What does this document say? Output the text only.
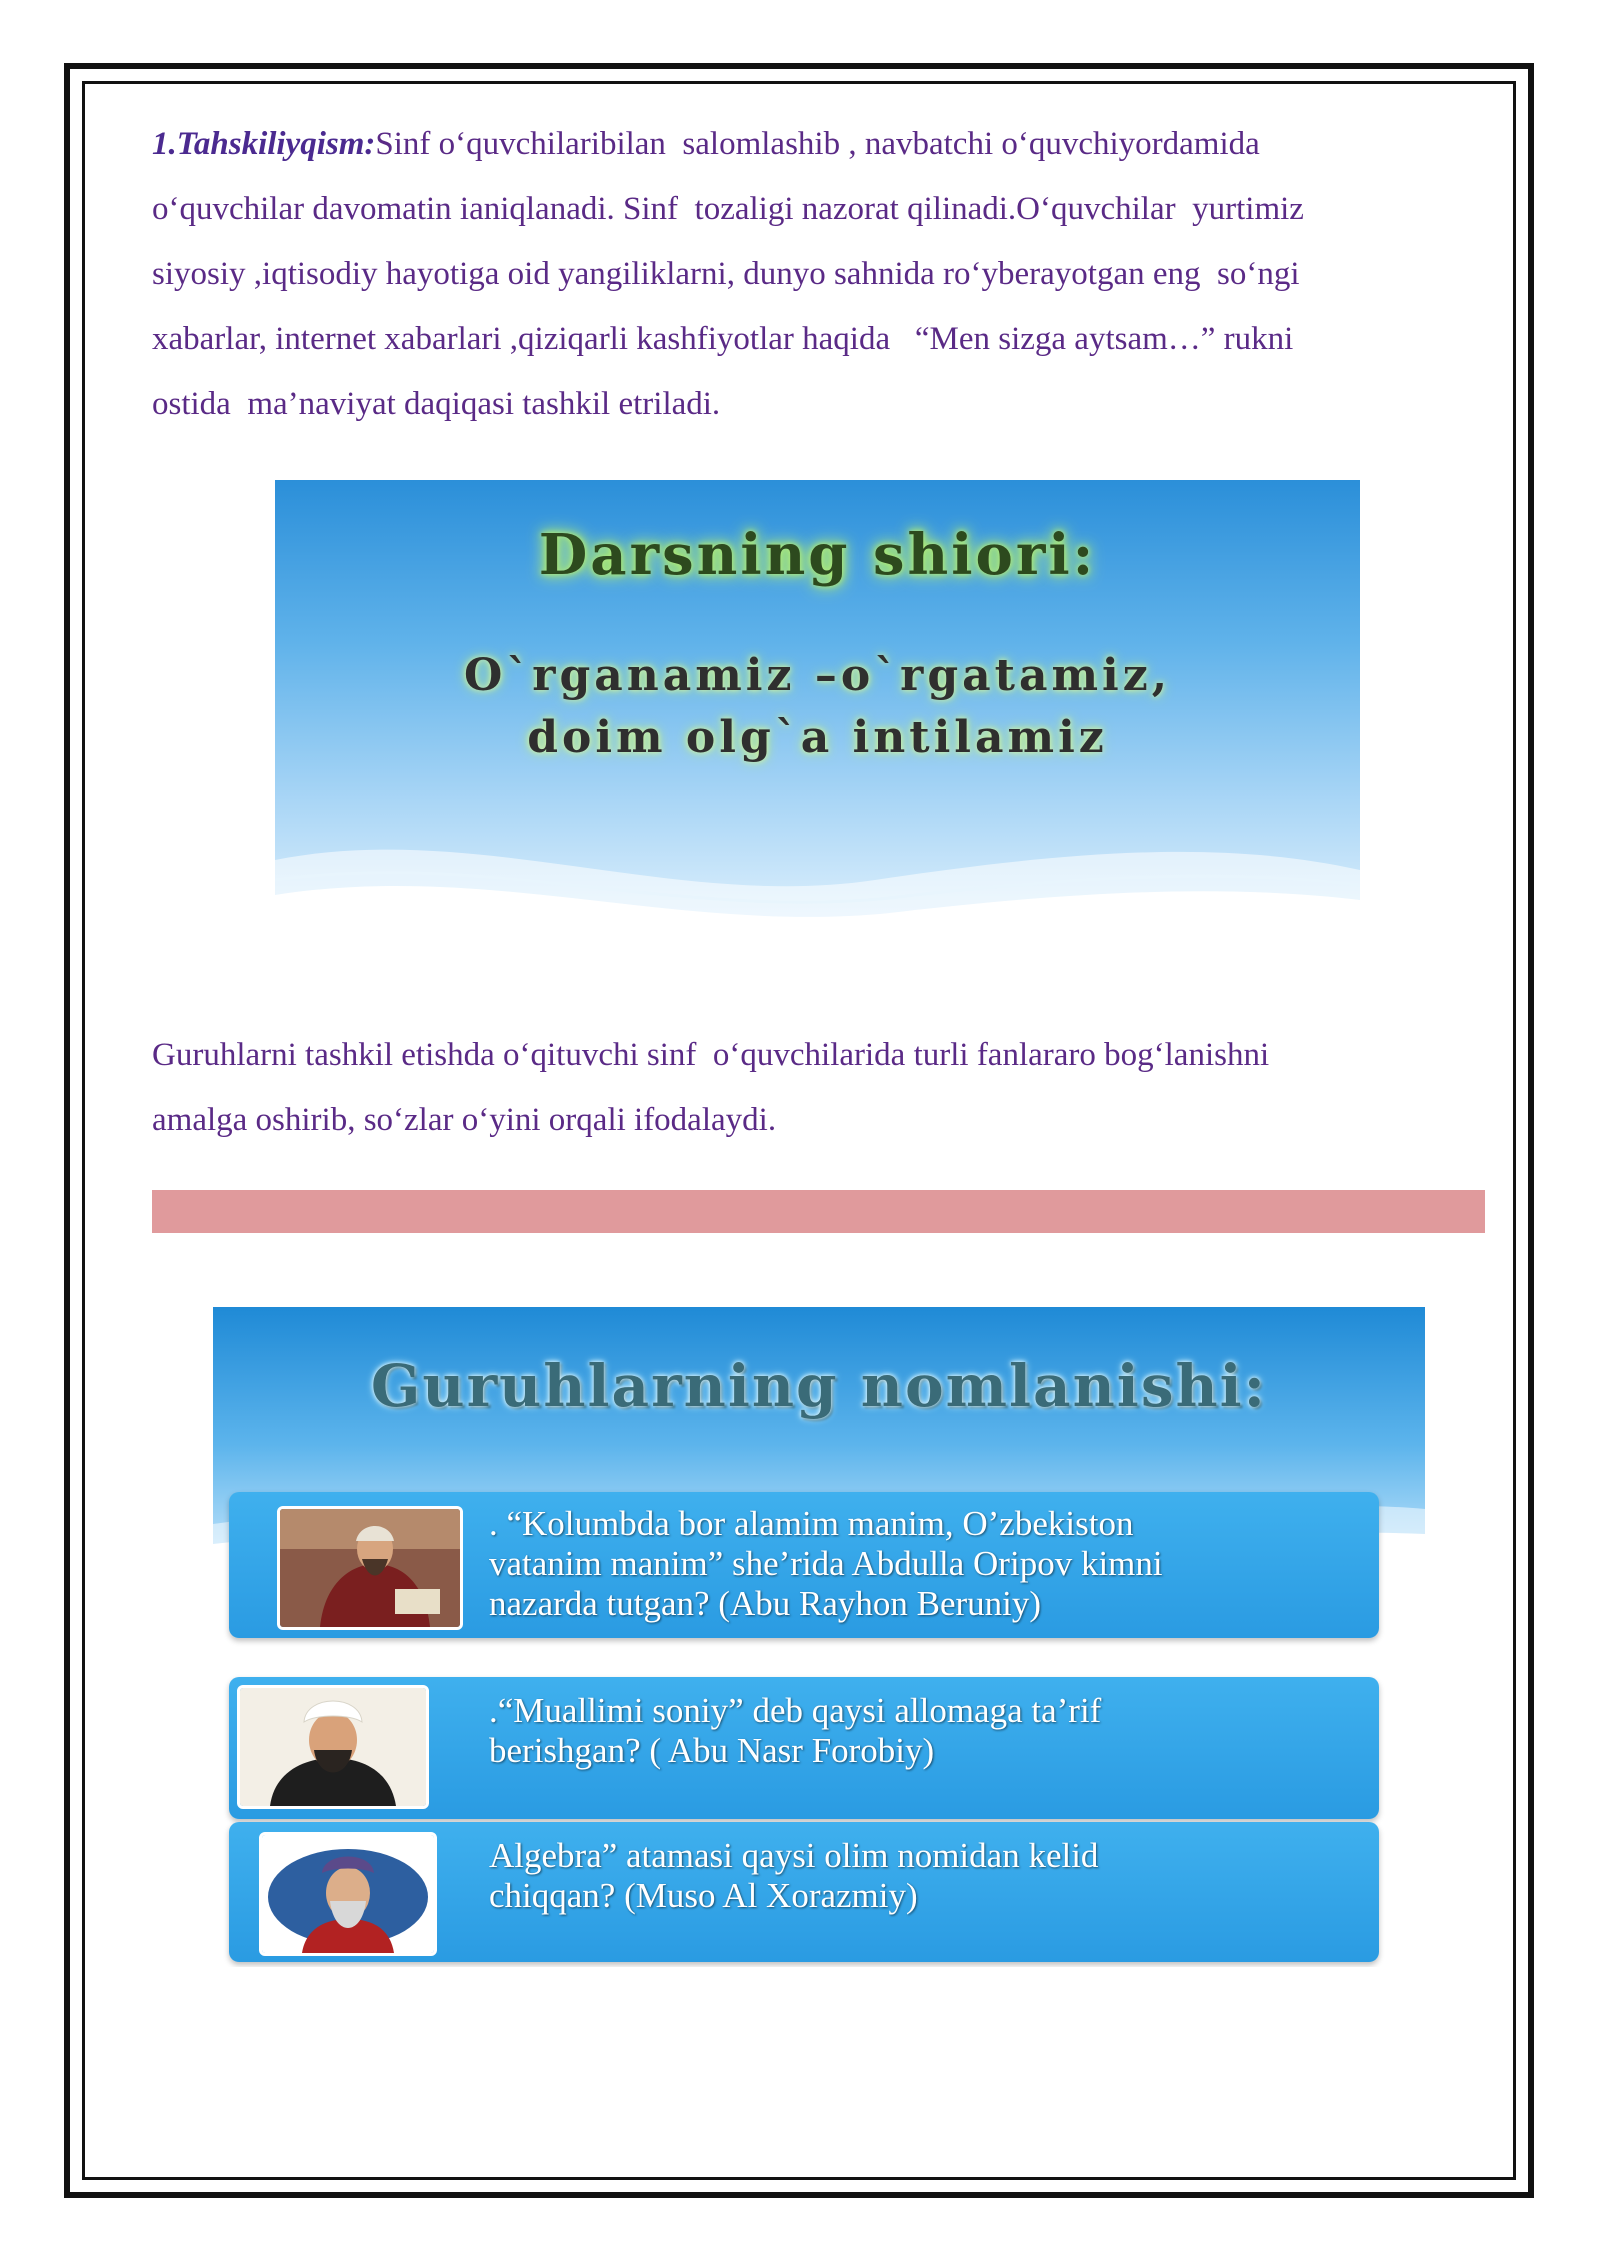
1.Tahskiliyqism:Sinf o‘quvchilaribilan  salomlashib , navbatchi o‘quvchiyordamida
o‘quvchilar davomatin ianiqlanadi. Sinf  tozaligi nazorat qilinadi.O‘quvchilar  yurtimiz
siyosiy ,iqtisodiy hayotiga oid yangiliklarni, dunyo sahnida ro‘yberayotgan eng  so‘ngi
xabarlar, internet xabarlari ,qiziqarli kashfiyotlar haqida   “Men sizga aytsam…” rukni
ostida  ma’naviyat daqiqasi tashkil etriladi.

Darsning shiori:
O`rganamiz –o`rgatamiz,
doim olg`a intilamiz

Guruhlarni tashkil etishda o‘qituvchi sinf  o‘quvchilarida turli fanlararo bog‘lanishni
amalga oshirib, so‘zlar o‘yini orqali ifodalaydi.

Guruhlarning nomlanishi:
. “Kolumbda bor alamim manim, O’zbekiston
vatanim manim” she’rida Abdulla Oripov kimni
nazarda tutgan? (Abu Rayhon Beruniy)
.“Muallimi soniy” deb qaysi allomaga ta’rif
berishgan? ( Abu Nasr Forobiy)
Algebra” atamasi qaysi olim nomidan kelid
chiqqan? (Muso Al Xorazmiy)
